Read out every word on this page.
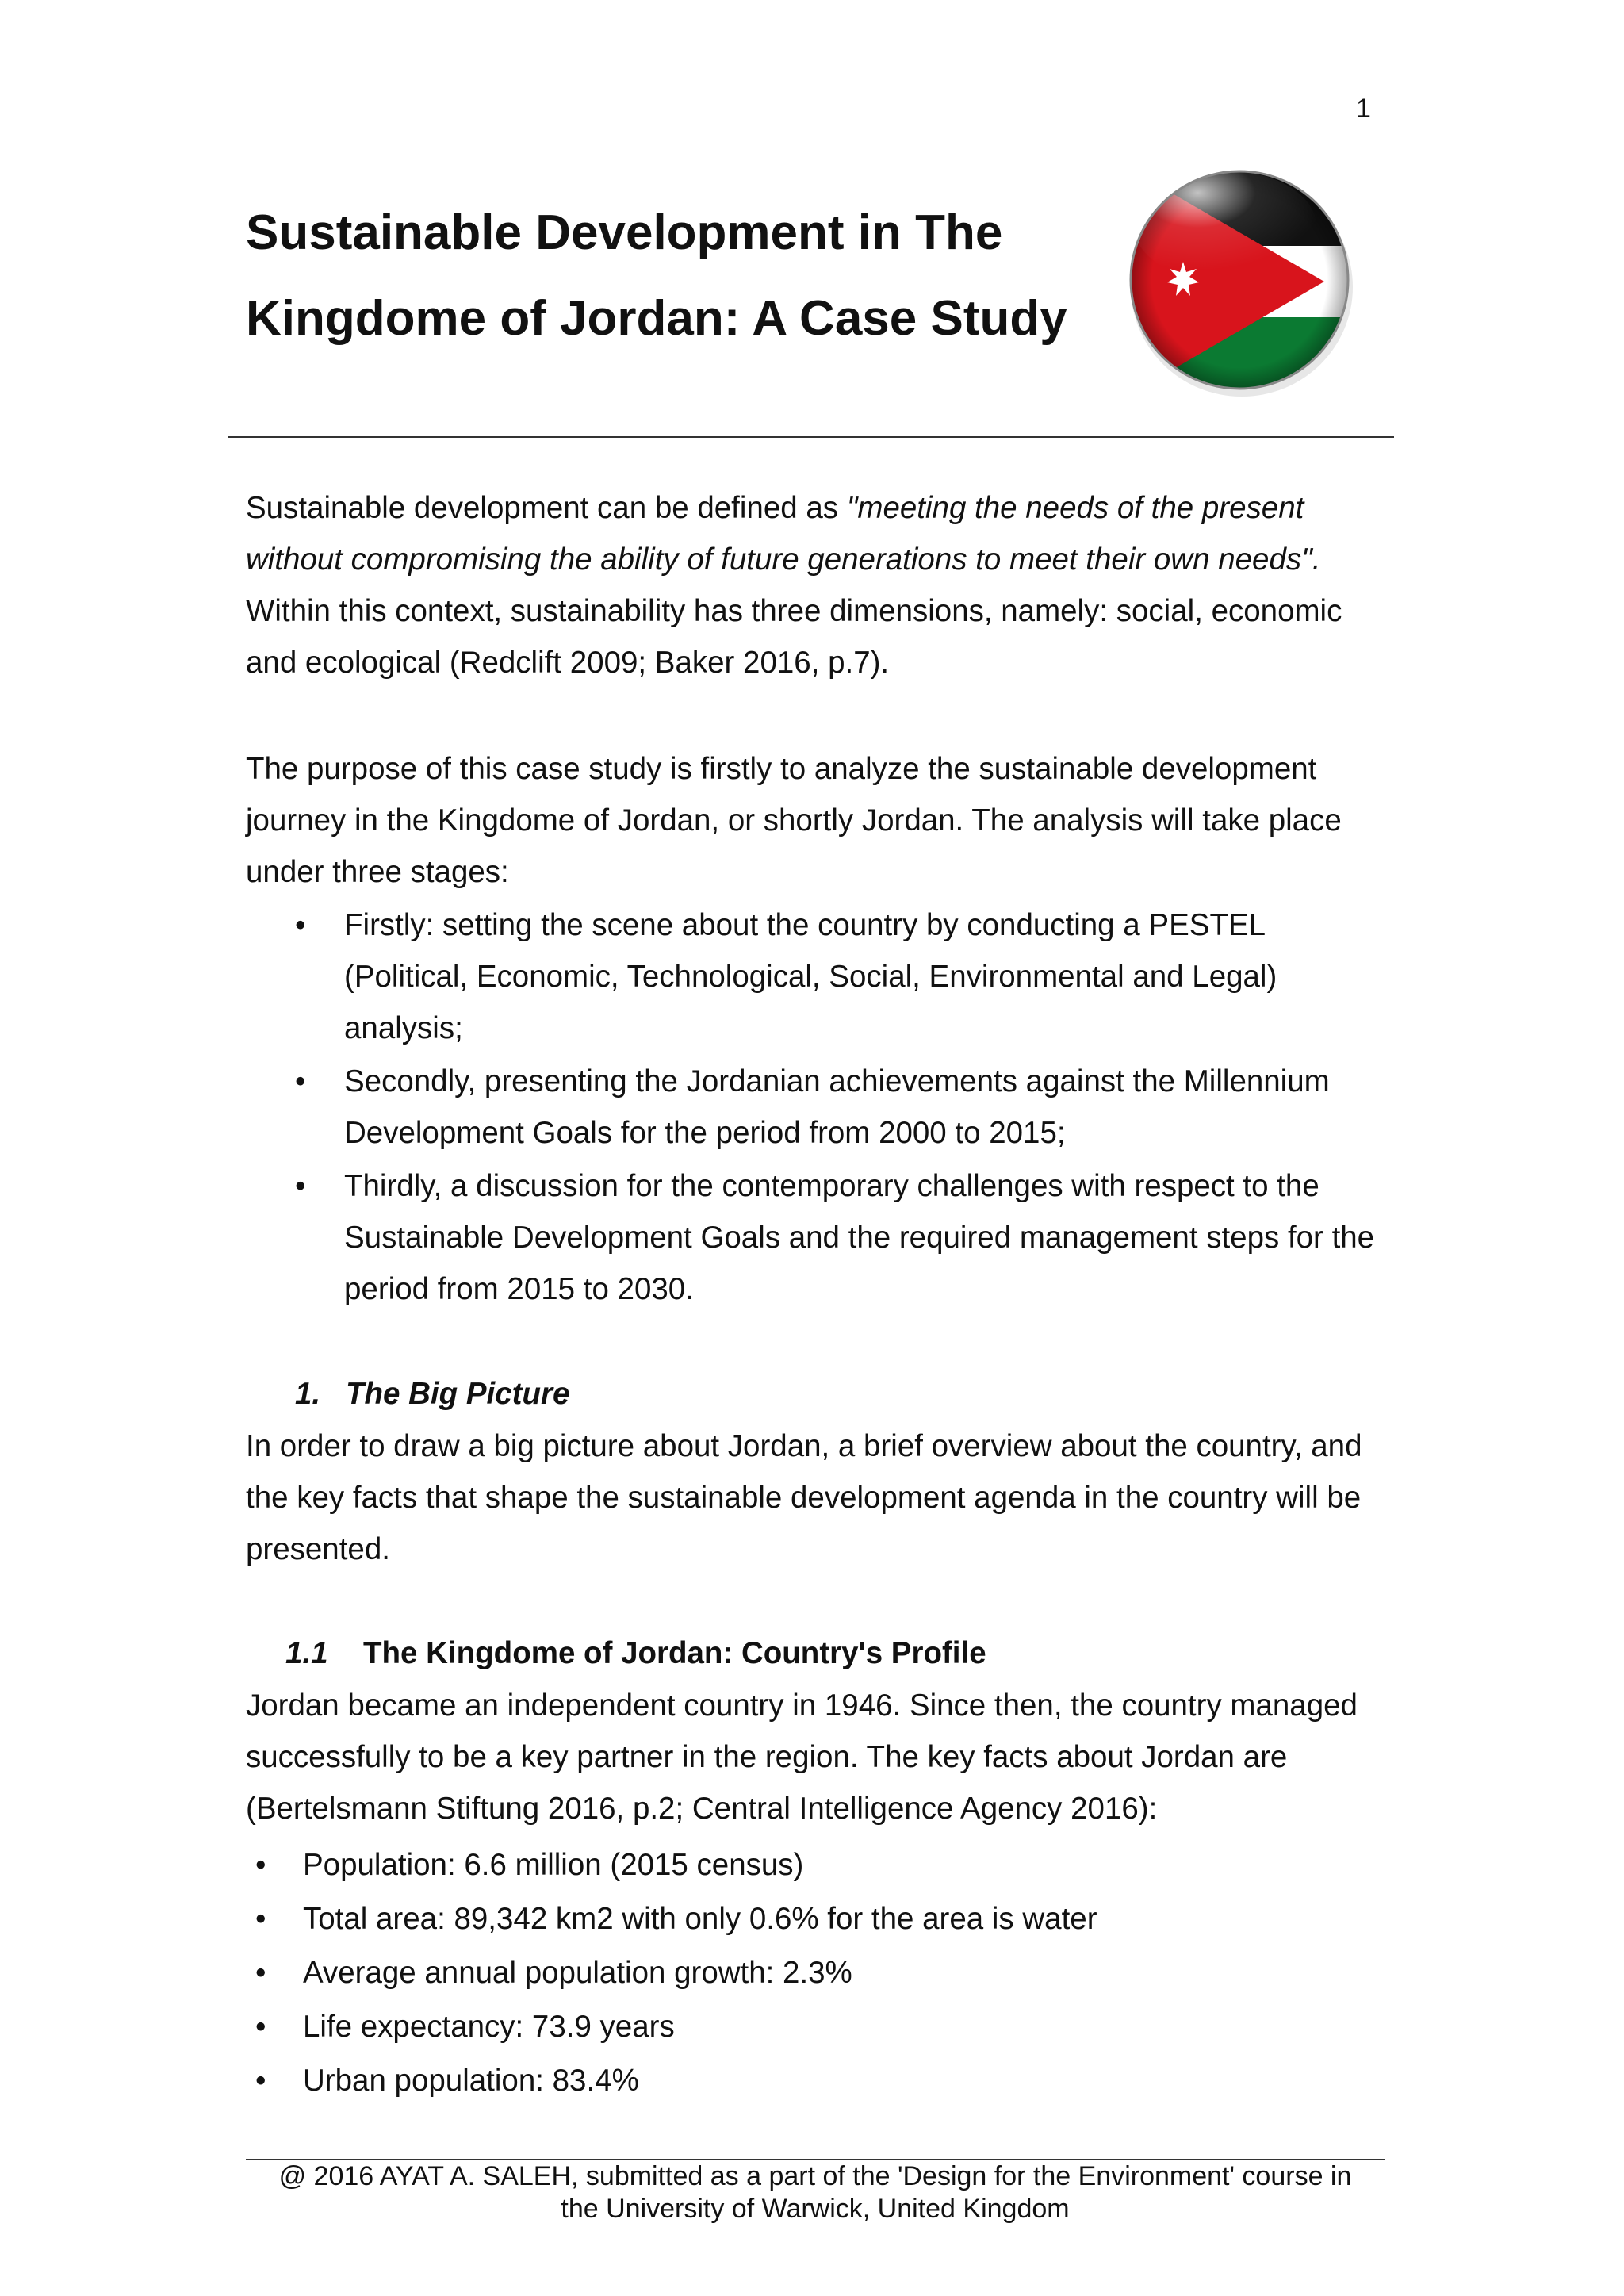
1
Sustainable Development in The
Kingdome of Jordan: A Case Study

Sustainable development can be defined as "meeting the needs of the present without compromising the ability of future generations to meet their own needs". Within this context, sustainability has three dimensions, namely: social, economic and ecological (Redclift 2009; Baker 2016, p.7).

The purpose of this case study is firstly to analyze the sustainable development journey in the Kingdome of Jordan, or shortly Jordan. The analysis will take place under three stages:

• Firstly: setting the scene about the country by conducting a PESTEL (Political, Economic, Technological, Social, Environmental and Legal) analysis;
• Secondly, presenting the Jordanian achievements against the Millennium Development Goals for the period from 2000 to 2015;
• Thirdly, a discussion for the contemporary challenges with respect to the Sustainable Development Goals and the required management steps for the period from 2015 to 2030.
1. The Big Picture

In order to draw a big picture about Jordan, a brief overview about the country, and the key facts that shape the sustainable development agenda in the country will be presented.

1.1 The Kingdome of Jordan: Country's Profile

Jordan became an independent country in 1946. Since then, the country managed successfully to be a key partner in the region. The key facts about Jordan are (Bertelsmann Stiftung 2016, p.2; Central Intelligence Agency 2016):

• Population: 6.6 million (2015 census)
• Total area: 89,342 km2 with only 0.6% for the area is water
• Average annual population growth: 2.3%
• Life expectancy: 73.9 years
• Urban population: 83.4%
@ 2016 AYAT A. SALEH, submitted as a part of the 'Design for the Environment' course in
the University of Warwick, United Kingdom
